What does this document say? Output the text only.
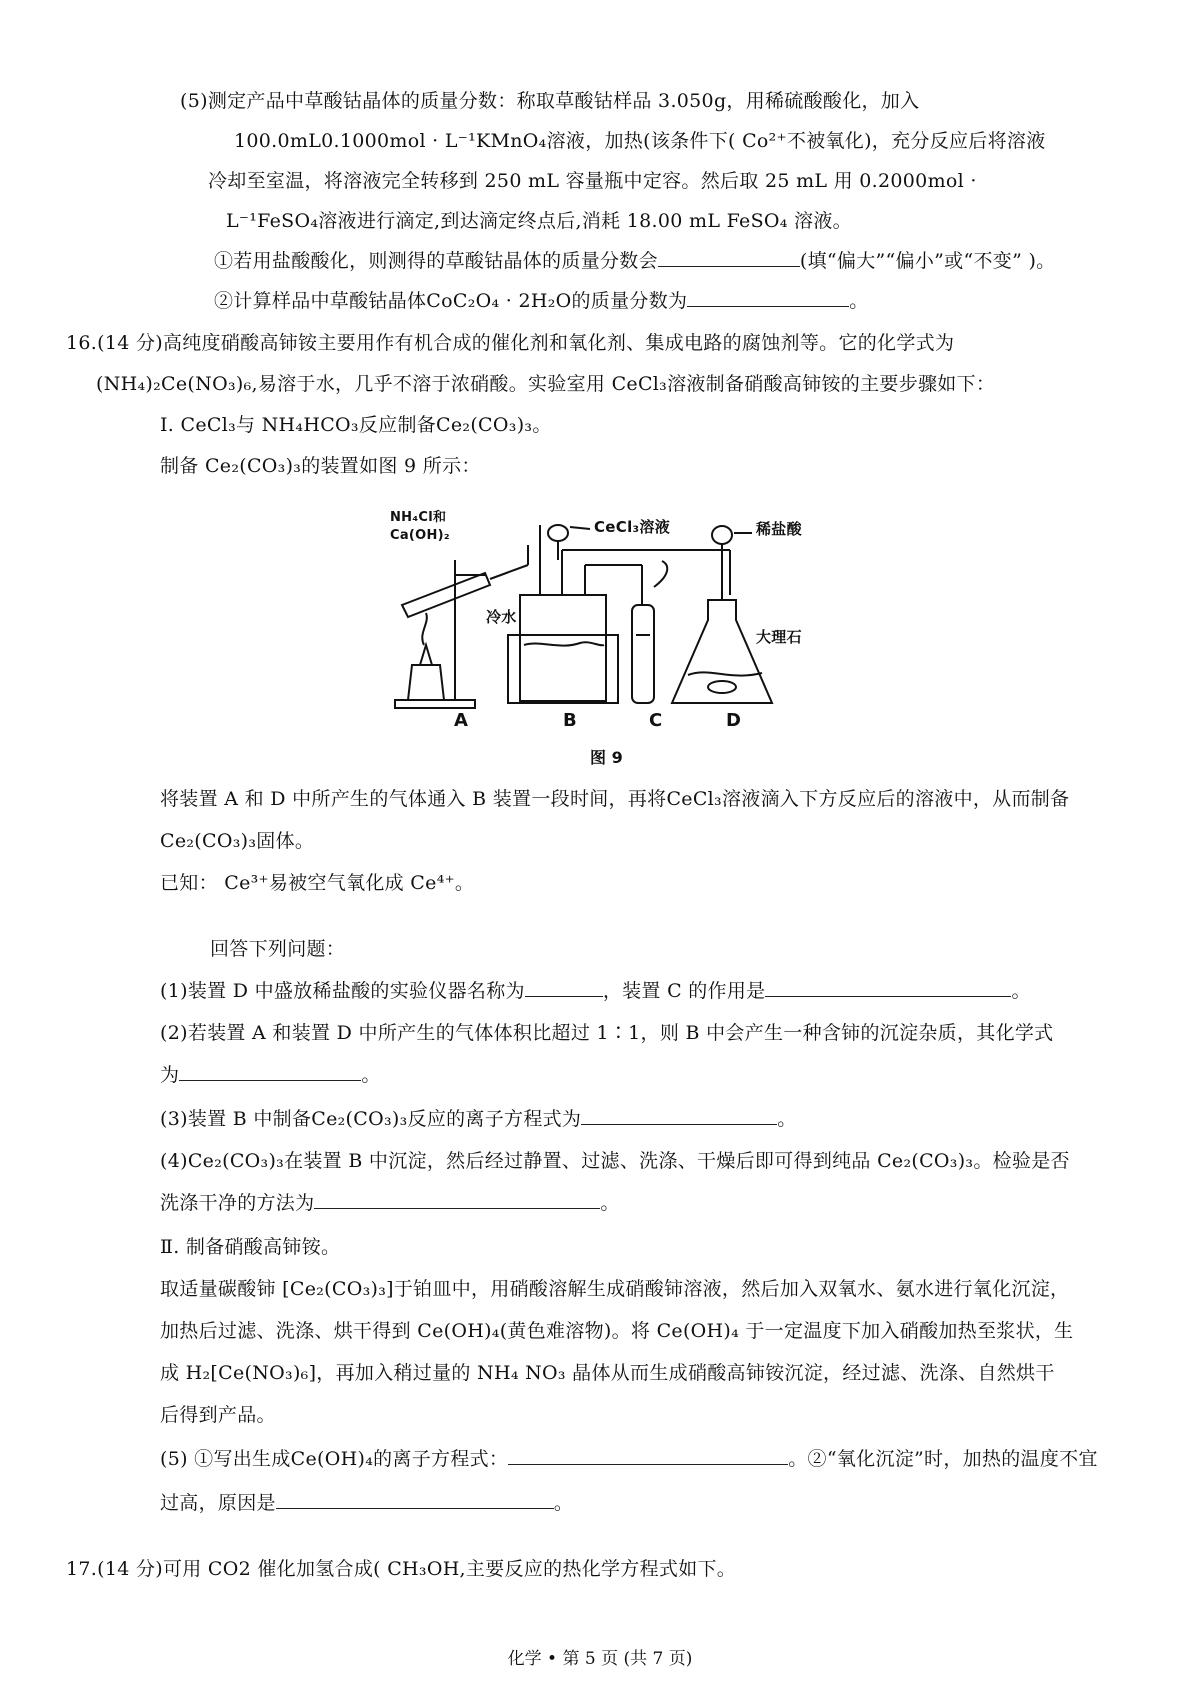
(5)测定产品中草酸钴晶体的质量分数：称取草酸钴样品 3.050g，用稀硫酸酸化，加入
100.0mL0.1000mol · L⁻¹KMnO₄溶液，加热(该条件下( Co²⁺不被氧化)，充分反应后将溶液
冷却至室温，将溶液完全转移到 250 mL 容量瓶中定容。然后取 25 mL 用 0.2000mol ·
L⁻¹FeSO₄溶液进行滴定,到达滴定终点后,消耗 18.00 mL FeSO₄ 溶液。
①若用盐酸酸化，则测得的草酸钴晶体的质量分数会	(填“偏大”“偏小”或“不变” )。
②计算样品中草酸钴晶体CoC₂O₄ · 2H₂O的质量分数为	。
16.(14 分)高纯度硝酸高铈铵主要用作有机合成的催化剂和氧化剂、集成电路的腐蚀剂等。它的化学式为
(NH₄)₂Ce(NO₃)₆,易溶于水，几乎不溶于浓硝酸。实验室用 CeCl₃溶液制备硝酸高铈铵的主要步骤如下：
I. CeCl₃与 NH₄HCO₃反应制备Ce₂(CO₃)₃。
制备 Ce₂(CO₃)₃的装置如图 9 所示：
NH₄Cl和
Ca(OH)₂	CeCl₃溶液	稀盐酸
冷水
大理石
A	B	C	D
图 9
将装置 A 和 D 中所产生的气体通入 B 装置一段时间，再将CeCl₃溶液滴入下方反应后的溶液中，从而制备
Ce₂(CO₃)₃固体。
已知： Ce³⁺易被空气氧化成 Ce⁴⁺。
回答下列问题：
(1)装置 D 中盛放稀盐酸的实验仪器名称为	，装置 C 的作用是	。
(2)若装置 A 和装置 D 中所产生的气体体积比超过 1∶1，则 B 中会产生一种含铈的沉淀杂质，其化学式
为	。
(3)装置 B 中制备Ce₂(CO₃)₃反应的离子方程式为	。
(4)Ce₂(CO₃)₃在装置 B 中沉淀，然后经过静置、过滤、洗涤、干燥后即可得到纯品 Ce₂(CO₃)₃。检验是否
洗涤干净的方法为	。
Ⅱ. 制备硝酸高铈铵。
取适量碳酸铈 [Ce₂(CO₃)₃]于铂皿中，用硝酸溶解生成硝酸铈溶液，然后加入双氧水、氨水进行氧化沉淀，
加热后过滤、洗涤、烘干得到 Ce(OH)₄(黄色难溶物)。将 Ce(OH)₄ 于一定温度下加入硝酸加热至浆状，生
成 H₂[Ce(NO₃)₆]，再加入稍过量的 NH₄ NO₃ 晶体从而生成硝酸高铈铵沉淀，经过滤、洗涤、自然烘干
后得到产品。
(5) ①写出生成Ce(OH)₄的离子方程式：	。②“氧化沉淀”时，加热的温度不宜
过高，原因是	。
17.(14 分)可用 CO2 催化加氢合成( CH₃OH,主要反应的热化学方程式如下。
化学 • 第 5 页 (共 7 页)
